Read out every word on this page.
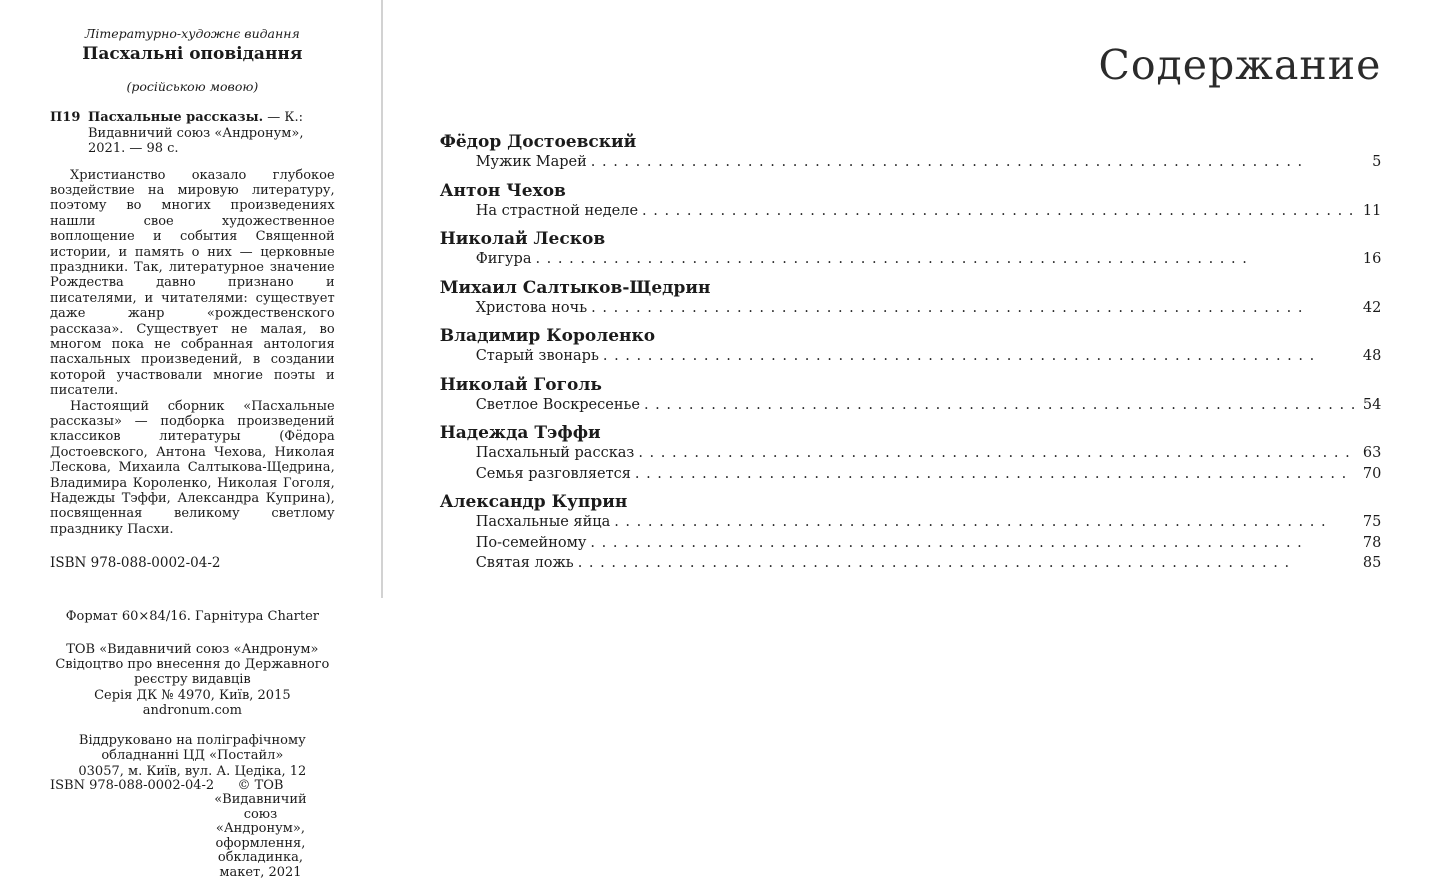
Літературно-художнє видання
Пасхальні оповідання
(російською мовою)
П19 Пасхальные рассказы. — К.: Видавничий союз «Андронум», 2021. — 98 с.

Христианство оказало глубокое воздействие на мировую литературу, поэтому во многих произведениях нашли свое художественное воплощение и события Священной истории, и память о них — церковные праздники. Так, литературное значение Рождества давно признано и писателями, и читателями: существует даже жанр «рождественского рассказа». Существует не малая, во многом пока не собранная антология пасхальных произведений, в создании которой участвовали многие поэты и писатели.

Настоящий сборник «Пасхальные рассказы» — подборка произведений классиков литературы (Фёдора Достоевского, Антона Чехова, Николая Лескова, Михаила Салтыкова-Щедрина, Владимира Короленко, Николая Гоголя, Надежды Тэффи, Александра Куприна), посвященная великому светлому празднику Пасхи.

ISBN 978-088-0002-04-2
Формат 60×84/16. Гарнітура Charter
ТОВ «Видавничий союз «Андронум»
Свідоцтво про внесення до Державного реєстру видавців
Серія ДК № 4970, Київ, 2015
andronum.com
Віддруковано на поліграфічному обладнанні ЦД «Постайл»
03057, м. Київ, вул. А. Цедіка, 12
ISBN 978-088-0002-04-2	© ТОВ «Видавничий союз «Андронум»,
оформлення, обкладинка, макет, 2021
Содержание
Фёдор Достоевский
Мужик Марей . . .	5
Антон Чехов
На страстной неделе . . .	11
Николай Лесков
Фигура . . .	16
Михаил Салтыков-Щедрин
Христова ночь . . .	42
Владимир Короленко
Старый звонарь . . .	48
Николай Гоголь
Светлое Воскресенье . . .	54
Надежда Тэффи
Пасхальный рассказ . . .	63
Семья разговляется . . .	70
Александр Куприн
Пасхальные яйца . . .	75
По-семейному . . .	78
Святая ложь . . .	85
